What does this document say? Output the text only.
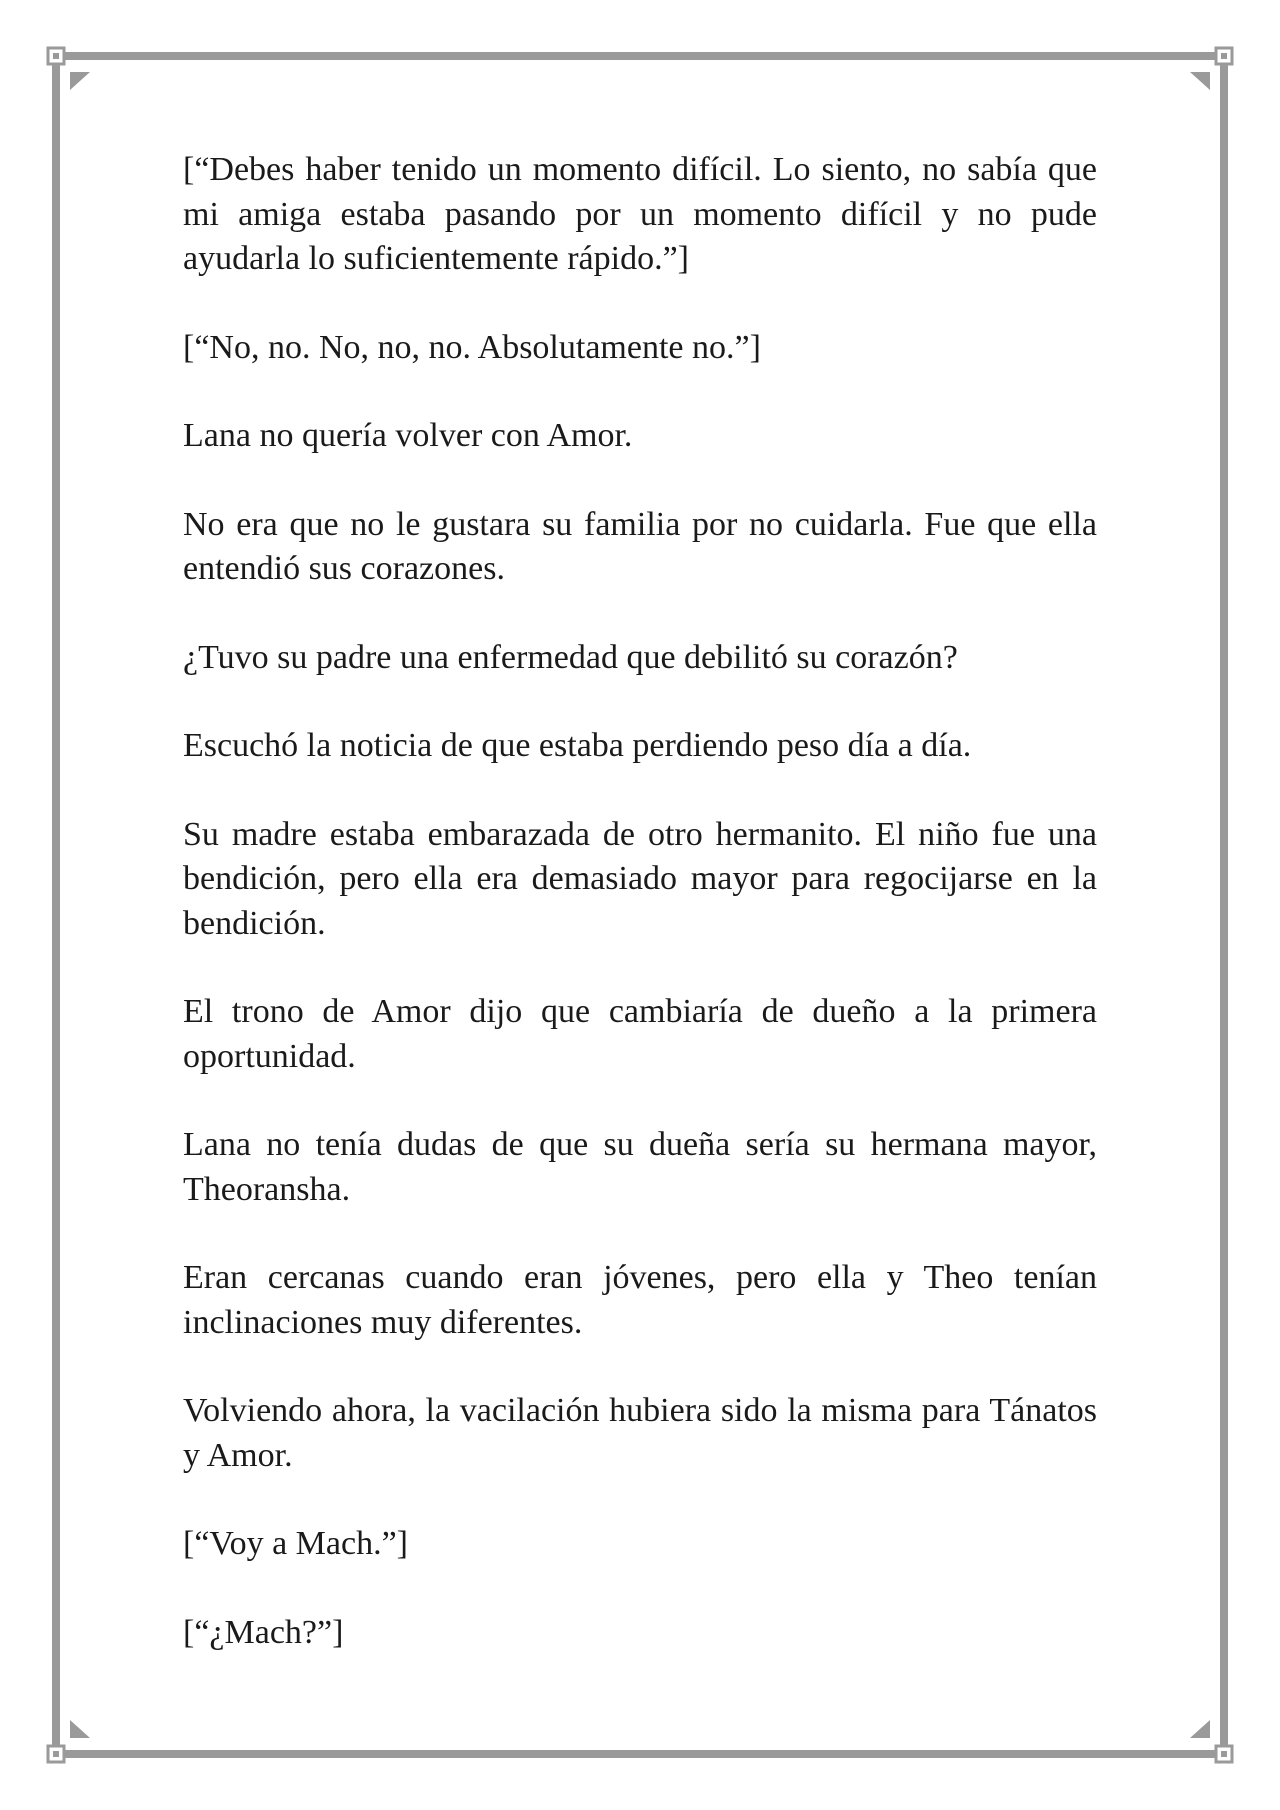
[“Debes haber tenido un momento difícil. Lo siento, no sabía que mi amiga estaba pasando por un momento difícil y no pude ayudarla lo suficientemente rápido.”]

[“No, no. No, no, no. Absolutamente no.”]

Lana no quería volver con Amor.

No era que no le gustara su familia por no cuidarla. Fue que ella entendió sus corazones.

¿Tuvo su padre una enfermedad que debilitó su corazón?

Escuchó la noticia de que estaba perdiendo peso día a día.

Su madre estaba embarazada de otro hermanito. El niño fue una bendición, pero ella era demasiado mayor para regocijarse en la bendición.

El trono de Amor dijo que cambiaría de dueño a la primera oportunidad.

Lana no tenía dudas de que su dueña sería su hermana mayor, Theoransha.

Eran cercanas cuando eran jóvenes, pero ella y Theo tenían inclinaciones muy diferentes.

Volviendo ahora, la vacilación hubiera sido la misma para Tánatos y Amor.

[“Voy a Mach.”]

[“¿Mach?”]
